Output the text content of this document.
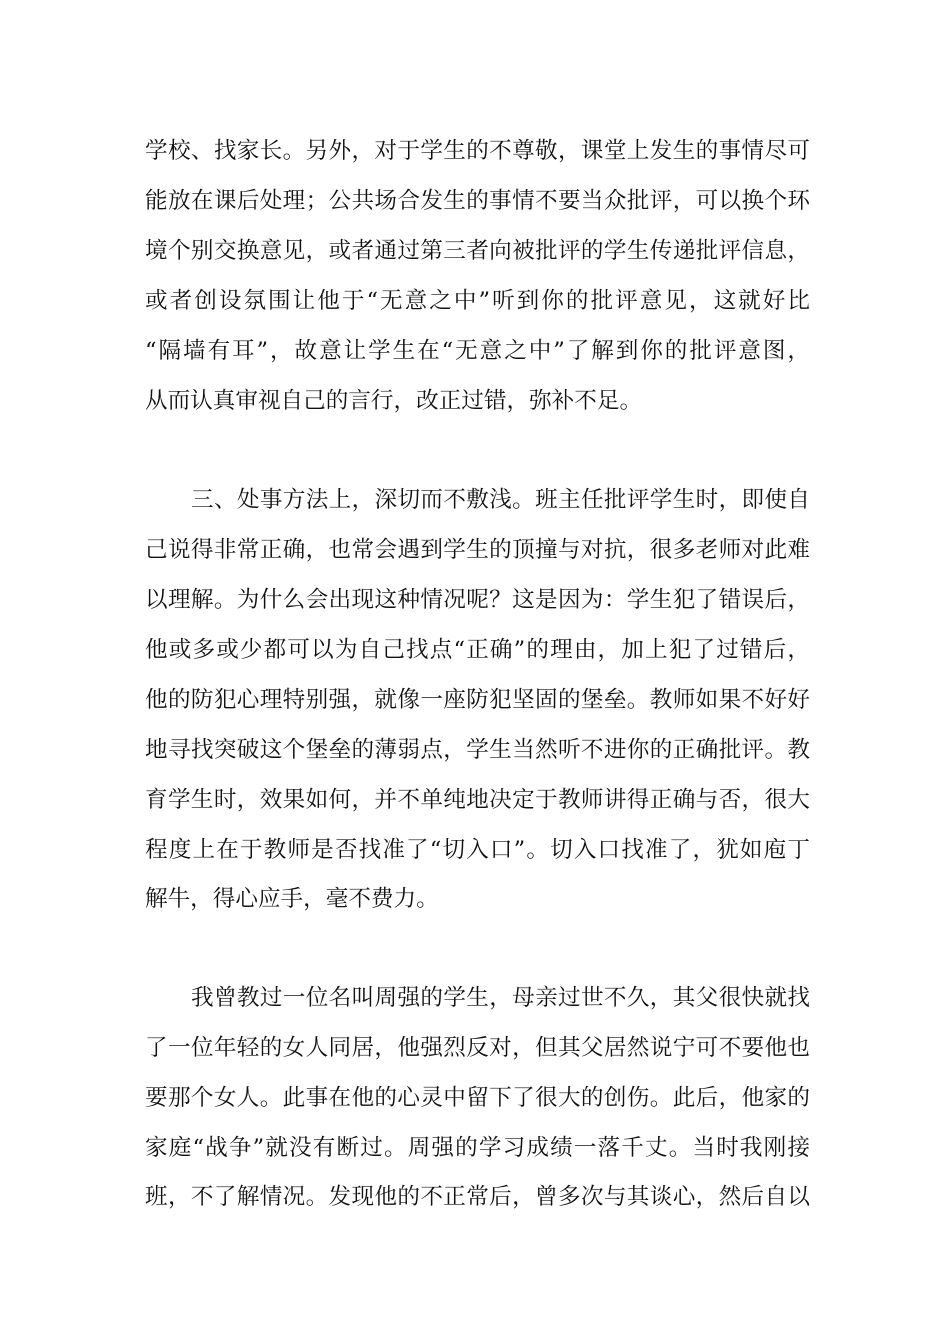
学校、找家长。另外，对于学生的不尊敬，课堂上发生的事情尽可
能放在课后处理；公共场合发生的事情不要当众批评，可以换个环
境个别交换意见，或者通过第三者向被批评的学生传递批评信息，
或者创设氛围让他于“无意之中”听到你的批评意见，这就好比
“隔墙有耳”，故意让学生在“无意之中”了解到你的批评意图，
从而认真审视自己的言行，改正过错，弥补不足。
三、处事方法上，深切而不敷浅。班主任批评学生时，即使自
己说得非常正确，也常会遇到学生的顶撞与对抗，很多老师对此难
以理解。为什么会出现这种情况呢？这是因为：学生犯了错误后，
他或多或少都可以为自己找点“正确”的理由，加上犯了过错后，
他的防犯心理特别强，就像一座防犯坚固的堡垒。教师如果不好好
地寻找突破这个堡垒的薄弱点，学生当然听不进你的正确批评。教
育学生时，效果如何，并不单纯地决定于教师讲得正确与否，很大
程度上在于教师是否找准了“切入口”。切入口找准了，犹如庖丁
解牛，得心应手，毫不费力。
我曾教过一位名叫周强的学生，母亲过世不久，其父很快就找
了一位年轻的女人同居，他强烈反对，但其父居然说宁可不要他也
要那个女人。此事在他的心灵中留下了很大的创伤。此后，他家的
家庭“战争”就没有断过。周强的学习成绩一落千丈。当时我刚接
班，不了解情况。发现他的不正常后，曾多次与其谈心，然后自以
